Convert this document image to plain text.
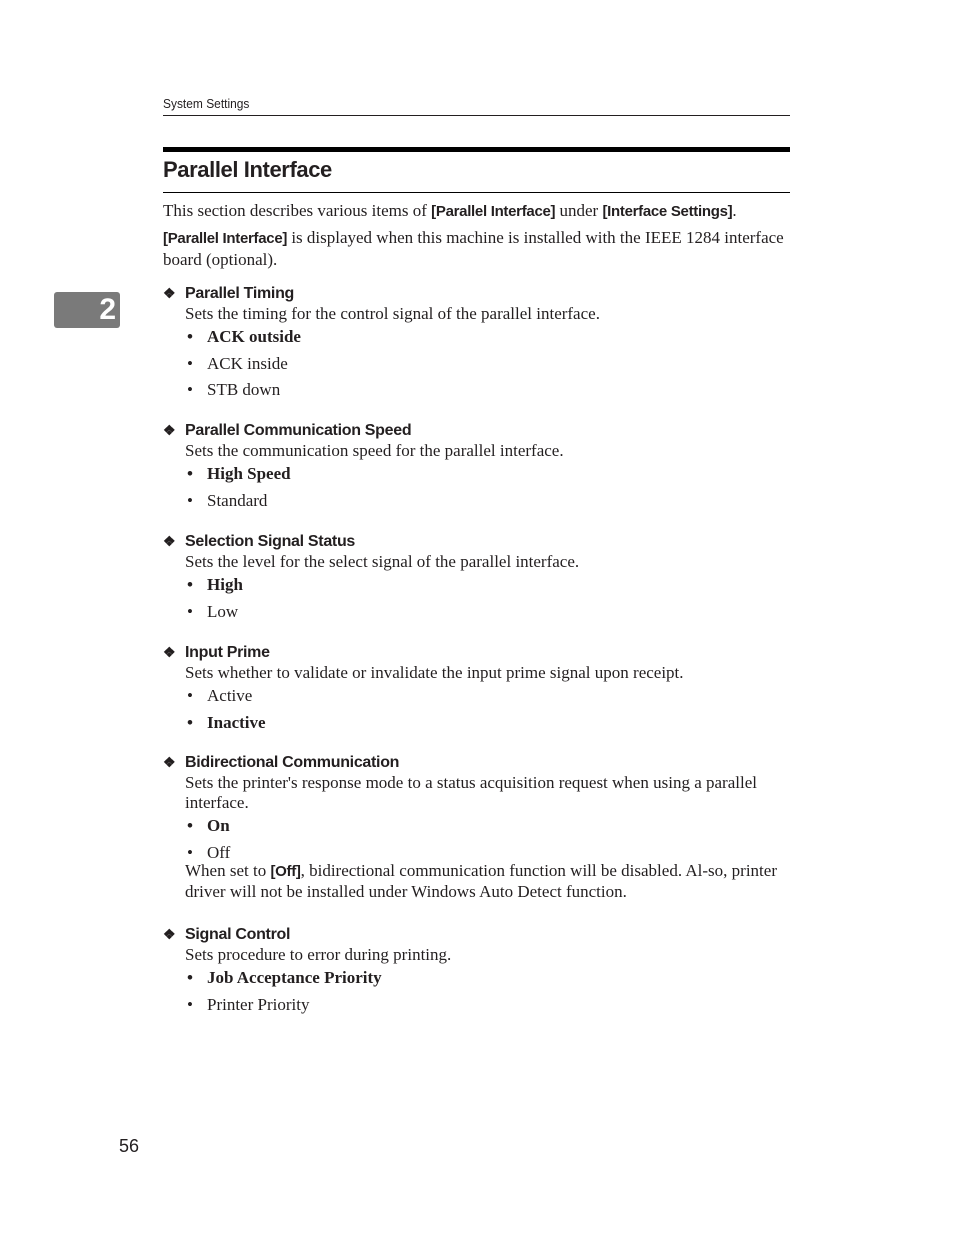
System Settings
2
Parallel Interface

This section describes various items of [Parallel Interface] under [Interface Settings].

[Parallel Interface] is displayed when this machine is installed with the IEEE 1284 interface board (optional).

❖ Parallel Timing
Sets the timing for the control signal of the parallel interface.
• ACK outside
• ACK inside
• STB down
❖ Parallel Communication Speed
Sets the communication speed for the parallel interface.
• High Speed
• Standard
❖ Selection Signal Status
Sets the level for the select signal of the parallel interface.
• High
• Low
❖ Input Prime
Sets whether to validate or invalidate the input prime signal upon receipt.
• Active
• Inactive
❖ Bidirectional Communication
Sets the printer's response mode to a status acquisition request when using a parallel interface.
• On
• Off
When set to [Off], bidirectional communication function will be disabled. Al-so, printer driver will not be installed under Windows Auto Detect function.
❖ Signal Control
Sets procedure to error during printing.
• Job Acceptance Priority
• Printer Priority
56
